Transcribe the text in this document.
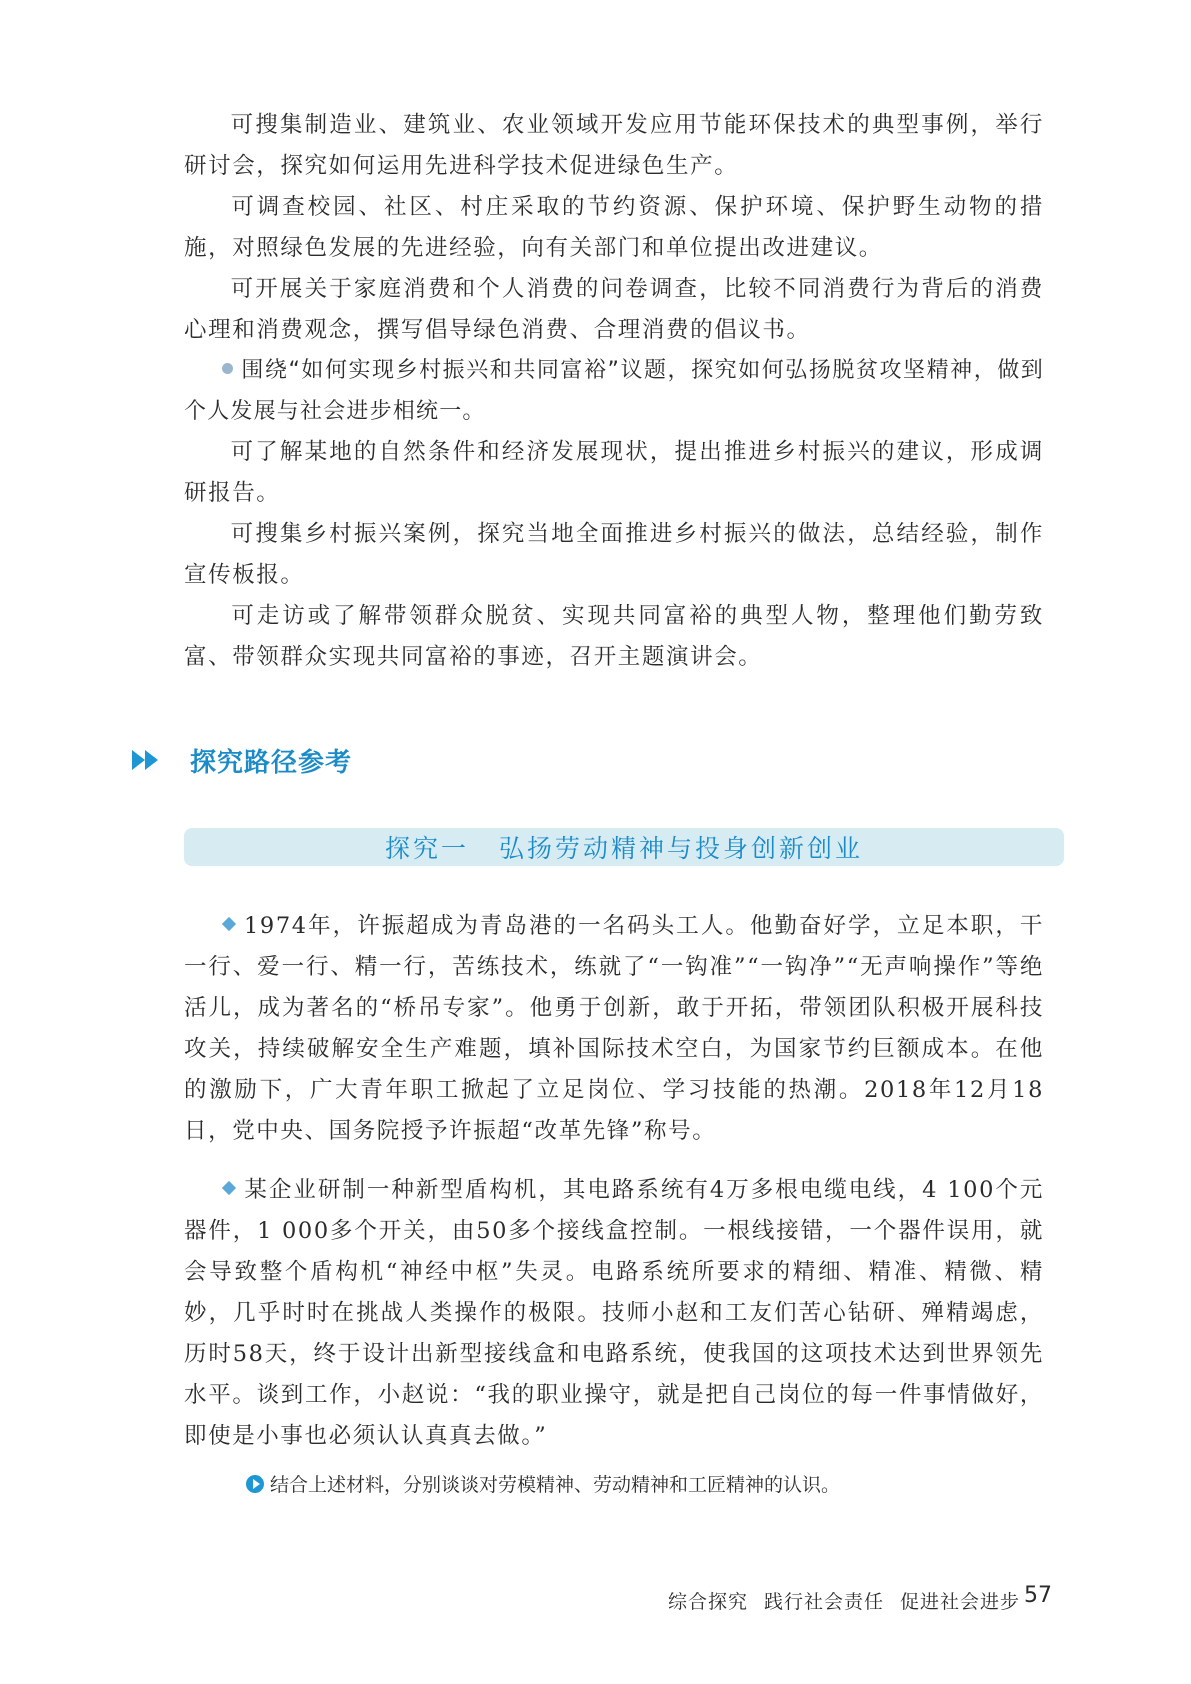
可搜集制造业、建筑业、农业领域开发应用节能环保技术的典型事例，举行研讨会，探究如何运用先进科学技术促进绿色生产。

可调查校园、社区、村庄采取的节约资源、保护环境、保护野生动物的措施，对照绿色发展的先进经验，向有关部门和单位提出改进建议。

可开展关于家庭消费和个人消费的问卷调查，比较不同消费行为背后的消费心理和消费观念，撰写倡导绿色消费、合理消费的倡议书。

围绕“如何实现乡村振兴和共同富裕”议题，探究如何弘扬脱贫攻坚精神，做到个人发展与社会进步相统一。

可了解某地的自然条件和经济发展现状，提出推进乡村振兴的建议，形成调研报告。

可搜集乡村振兴案例，探究当地全面推进乡村振兴的做法，总结经验，制作宣传板报。

可走访或了解带领群众脱贫、实现共同富裕的典型人物，整理他们勤劳致富、带领群众实现共同富裕的事迹，召开主题演讲会。

探究路径参考
探究一 弘扬劳动精神与投身创新创业

1974年，许振超成为青岛港的一名码头工人。他勤奋好学，立足本职，干一行、爱一行、精一行，苦练技术，练就了“一钩准”“一钩净”“无声响操作”等绝活儿，成为著名的“桥吊专家”。他勇于创新，敢于开拓，带领团队积极开展科技攻关，持续破解安全生产难题，填补国际技术空白，为国家节约巨额成本。在他的激励下，广大青年职工掀起了立足岗位、学习技能的热潮。2018年12月18日，党中央、国务院授予许振超“改革先锋”称号。

某企业研制一种新型盾构机，其电路系统有4万多根电缆电线，4 100个元器件，1 000多个开关，由50多个接线盒控制。一根线接错，一个器件误用，就会导致整个盾构机“神经中枢”失灵。电路系统所要求的精细、精准、精微、精妙，几乎时时在挑战人类操作的极限。技师小赵和工友们苦心钻研、殚精竭虑，历时58天，终于设计出新型接线盒和电路系统，使我国的这项技术达到世界领先水平。谈到工作，小赵说：“我的职业操守，就是把自己岗位的每一件事情做好，即使是小事也必须认认真真去做。”

结合上述材料，分别谈谈对劳模精神、劳动精神和工匠精神的认识。
综合探究 践行社会责任 促进社会进步 57
